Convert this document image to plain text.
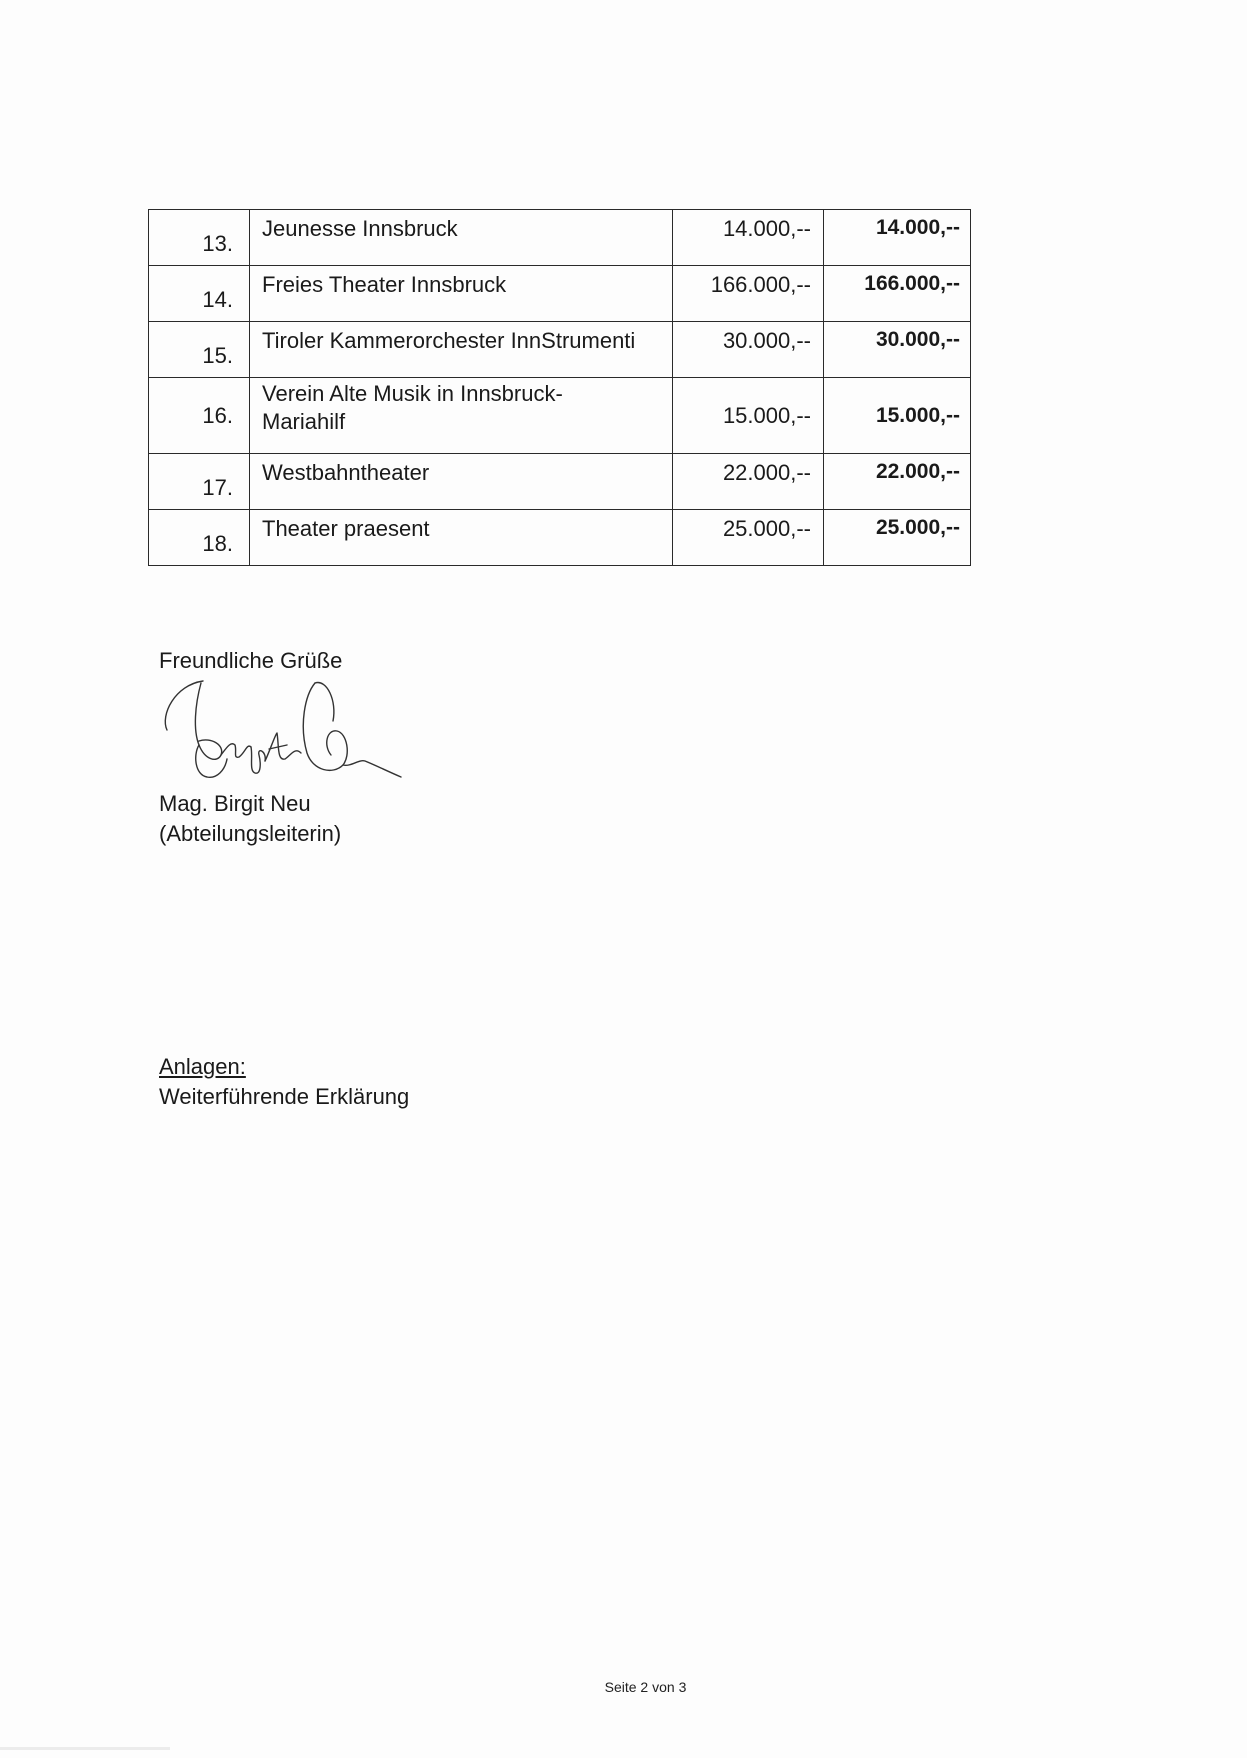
13.	Jeunesse Innsbruck	14.000,--	14.000,--
14.	Freies Theater Innsbruck	166.000,--	166.000,--
15.	Tiroler Kammerorchester InnStrumenti	30.000,--	30.000,--
16.	Verein Alte Musik in Innsbruck-
Mariahilf	15.000,--	15.000,--
17.	Westbahntheater	22.000,--	22.000,--
18.	Theater praesent	25.000,--	25.000,--
Freundliche Grüße
Mag. Birgit Neu
(Abteilungsleiterin)
Anlagen:
Weiterführende Erklärung
Seite 2 von 3
